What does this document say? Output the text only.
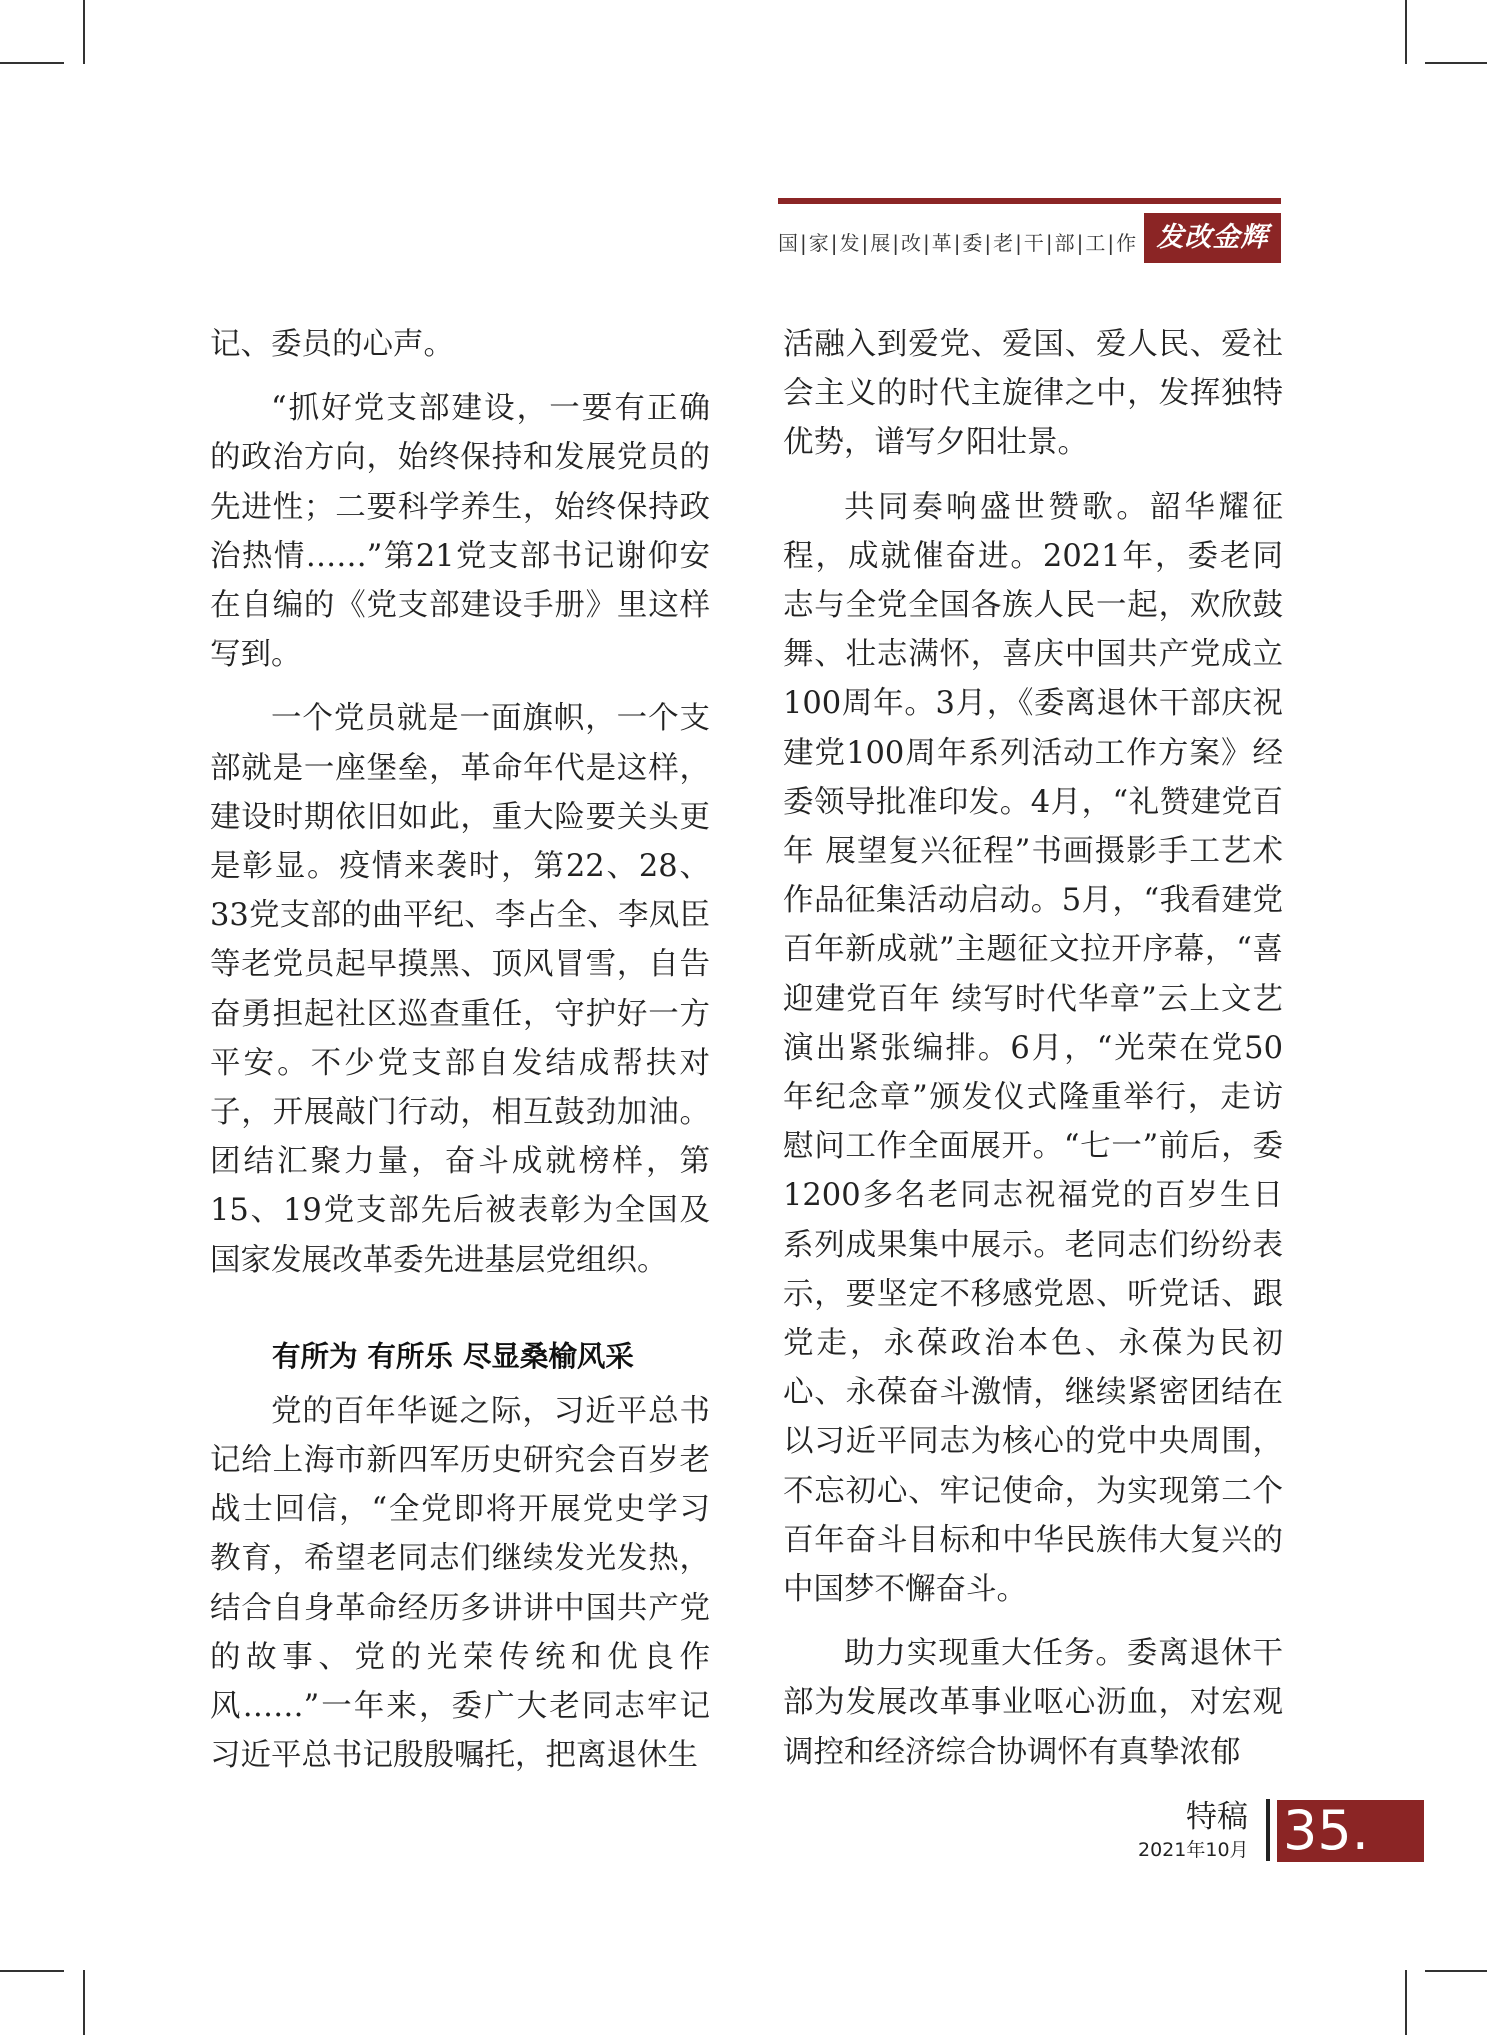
国|家|发|展|改|革|委|老|干|部|工|作 发改金辉

记、委员的心声。

“抓好党支部建设，一要有正确的政治方向，始终保持和发展党员的先进性；二要科学养生，始终保持政治热情……”第21党支部书记谢仰安在自编的《党支部建设手册》里这样写到。

一个党员就是一面旗帜，一个支部就是一座堡垒，革命年代是这样，建设时期依旧如此，重大险要关头更是彰显。疫情来袭时，第22、28、33党支部的曲平纪、李占全、李凤臣等老党员起早摸黑、顶风冒雪，自告奋勇担起社区巡查重任，守护好一方平安。不少党支部自发结成帮扶对子，开展敲门行动，相互鼓劲加油。团结汇聚力量，奋斗成就榜样，第15、19党支部先后被表彰为全国及国家发展改革委先进基层党组织。

有所为 有所乐 尽显桑榆风采

党的百年华诞之际，习近平总书记给上海市新四军历史研究会百岁老战士回信，“全党即将开展党史学习教育，希望老同志们继续发光发热，结合自身革命经历多讲讲中国共产党的故事、党的光荣传统和优良作风……”一年来，委广大老同志牢记习近平总书记殷殷嘱托，把离退休生

活融入到爱党、爱国、爱人民、爱社会主义的时代主旋律之中，发挥独特优势，谱写夕阳壮景。

共同奏响盛世赞歌。韶华耀征程，成就催奋进。2021年，委老同志与全党全国各族人民一起，欢欣鼓舞、壮志满怀，喜庆中国共产党成立100周年。3月，《委离退休干部庆祝建党100周年系列活动工作方案》经委领导批准印发。4月，“礼赞建党百年 展望复兴征程”书画摄影手工艺术作品征集活动启动。5月，“我看建党百年新成就”主题征文拉开序幕，“喜迎建党百年 续写时代华章”云上文艺演出紧张编排。6月，“光荣在党50年纪念章”颁发仪式隆重举行，走访慰问工作全面展开。“七一”前后，委1200多名老同志祝福党的百岁生日系列成果集中展示。老同志们纷纷表示，要坚定不移感党恩、听党话、跟党走，永葆政治本色、永葆为民初心、永葆奋斗激情，继续紧密团结在以习近平同志为核心的党中央周围，不忘初心、牢记使命，为实现第二个百年奋斗目标和中华民族伟大复兴的中国梦不懈奋斗。

助力实现重大任务。委离退休干部为发展改革事业呕心沥血，对宏观调控和经济综合协调怀有真挚浓郁

特稿
2021年10月 35.
